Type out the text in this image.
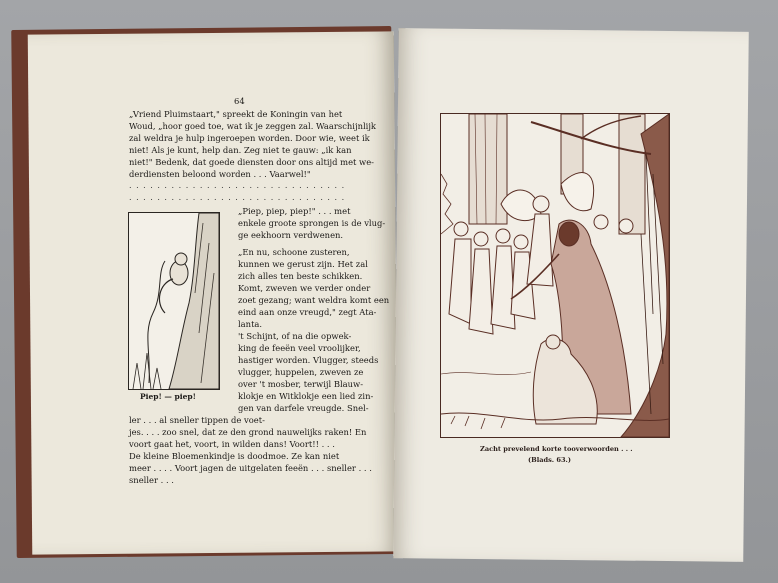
64
„Vriend Pluimstaart," spreekt de Koningin van het
Woud, „hoor goed toe, wat ik je zeggen zal. Waarschijnlijk
zal weldra je hulp ingeroepen worden. Door wie, weet ik
niet! Als je kunt, help dan. Zeg niet te gauw: „ik kan
niet!" Bedenk, dat goede diensten door ons altijd met we-
derdiensten beloond worden . . . Vaarwel!"
. . . . . . . . . . . . . . . . . . . . . . . . . . . . . . .
. . . . . . . . . . . . . . . . . . . . . . . . . . . . . . .
Piep! — piep!
„Piep, piep, piep!" . . . met
enkele groote sprongen is de vlug-
ge eekhoorn verdwenen.
„En nu, schoone zusteren,
kunnen we gerust zijn. Het zal
zich alles ten beste schikken.
Komt, zweven we verder onder
zoet gezang; want weldra komt een
eind aan onze vreugd," zegt Ata-
lanta.
't Schijnt, of na die opwek-
king de feeën veel vroolijker,
hastiger worden. Vlugger, steeds
vlugger, huppelen, zweven ze
over 't mosber, terwijl Blauw-
klokje en Witklokje een lied zin-
gen van darfele vreugde. Snel-
ler . . . al sneller tippen de voet-
jes. . . . zoo snel, dat ze den grond nauwelijks raken! En
voort gaat het, voort, in wilden dans! Voort!! . . .
De kleine Bloemenkindje is doodmoe. Ze kan niet
meer . . . . Voort jagen de uitgelaten feeën . . . sneller . . .
sneller . . .
Zacht prevelend korte tooverwoorden . . .
(Blads. 63.)
